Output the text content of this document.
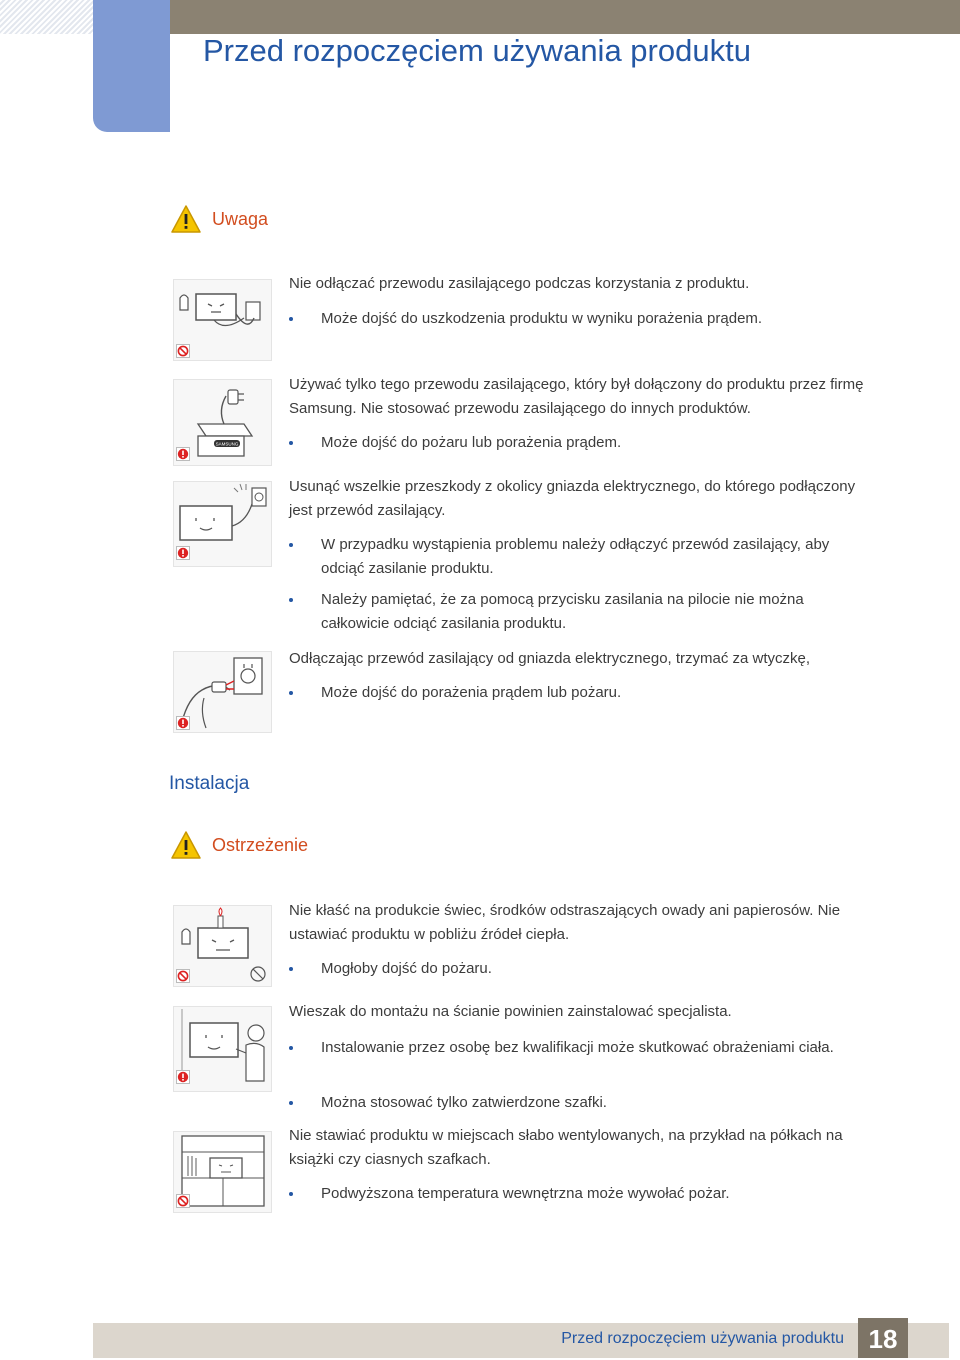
Przed rozpoczęciem używania produktu
Uwaga
Nie odłączać przewodu zasilającego podczas korzystania z produktu.
Może dojść do uszkodzenia produktu w wyniku porażenia prądem.
SAMSUNG
Używać tylko tego przewodu zasilającego, który był dołączony do produktu przez firmę Samsung. Nie stosować przewodu zasilającego do innych produktów.
Może dojść do pożaru lub porażenia prądem.
Usunąć wszelkie przeszkody z okolicy gniazda elektrycznego, do którego podłączony jest przewód zasilający.
W przypadku wystąpienia problemu należy odłączyć przewód zasilający, aby odciąć zasilanie produktu.
Należy pamiętać, że za pomocą przycisku zasilania na pilocie nie można całkowicie odciąć zasilania produktu.
Odłączając przewód zasilający od gniazda elektrycznego, trzymać za wtyczkę,
Może dojść do porażenia prądem lub pożaru.
Instalacja
Ostrzeżenie
Nie kłaść na produkcie świec, środków odstraszających owady ani papierosów. Nie ustawiać produktu w pobliżu źródeł ciepła.
Mogłoby dojść do pożaru.
Wieszak do montażu na ścianie powinien zainstalować specjalista.
Instalowanie przez osobę bez kwalifikacji może skutkować obrażeniami ciała.
Można stosować tylko zatwierdzone szafki.
Nie stawiać produktu w miejscach słabo wentylowanych, na przykład na półkach na książki czy ciasnych szafkach.
Podwyższona temperatura wewnętrzna może wywołać pożar.
Przed rozpoczęciem używania produktu 18
